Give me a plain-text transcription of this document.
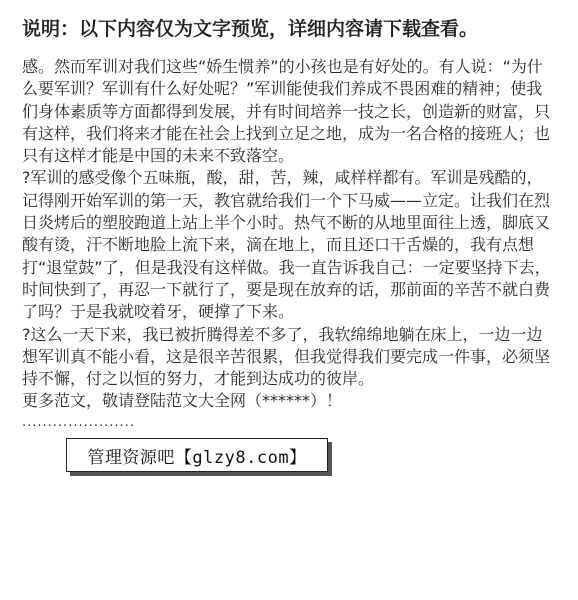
说明：以下内容仅为文字预览，详细内容请下载查看。

感。然而军训对我们这些“娇生惯养”的小孩也是有好处的。有人说：“为什么要军训？军训有什么好处呢？”军训能使我们养成不畏困难的精神；使我们身体素质等方面都得到发展，并有时间培养一技之长，创造新的财富，只有这样，我们将来才能在社会上找到立足之地，成为一名合格的接班人；也只有这样才能是中国的未来不致落空。

?军训的感受像个五味瓶，酸，甜，苦，辣，咸样样都有。军训是残酷的，记得刚开始军训的第一天，教官就给我们一个下马威——立定。让我们在烈日炎烤后的塑胶跑道上站上半个小时。热气不断的从地里面往上透，脚底又酸有烫，汗不断地脸上流下来，滴在地上，而且还口干舌燥的，我有点想打“退堂鼓”了，但是我没有这样做。我一直告诉我自己：一定要坚持下去，时间快到了，再忍一下就行了，要是现在放弃的话，那前面的辛苦不就白费了吗？于是我就咬着牙，硬撑了下来。

?这么一天下来，我已被折腾得差不多了，我软绵绵地躺在床上，一边一边想军训真不能小看，这是很辛苦很累，但我觉得我们要完成一件事，必须坚持不懈，付之以恒的努力，才能到达成功的彼岸。

更多范文，敬请登陆范文大全网（******）！

......................
管理资源吧【glzy8.com】
